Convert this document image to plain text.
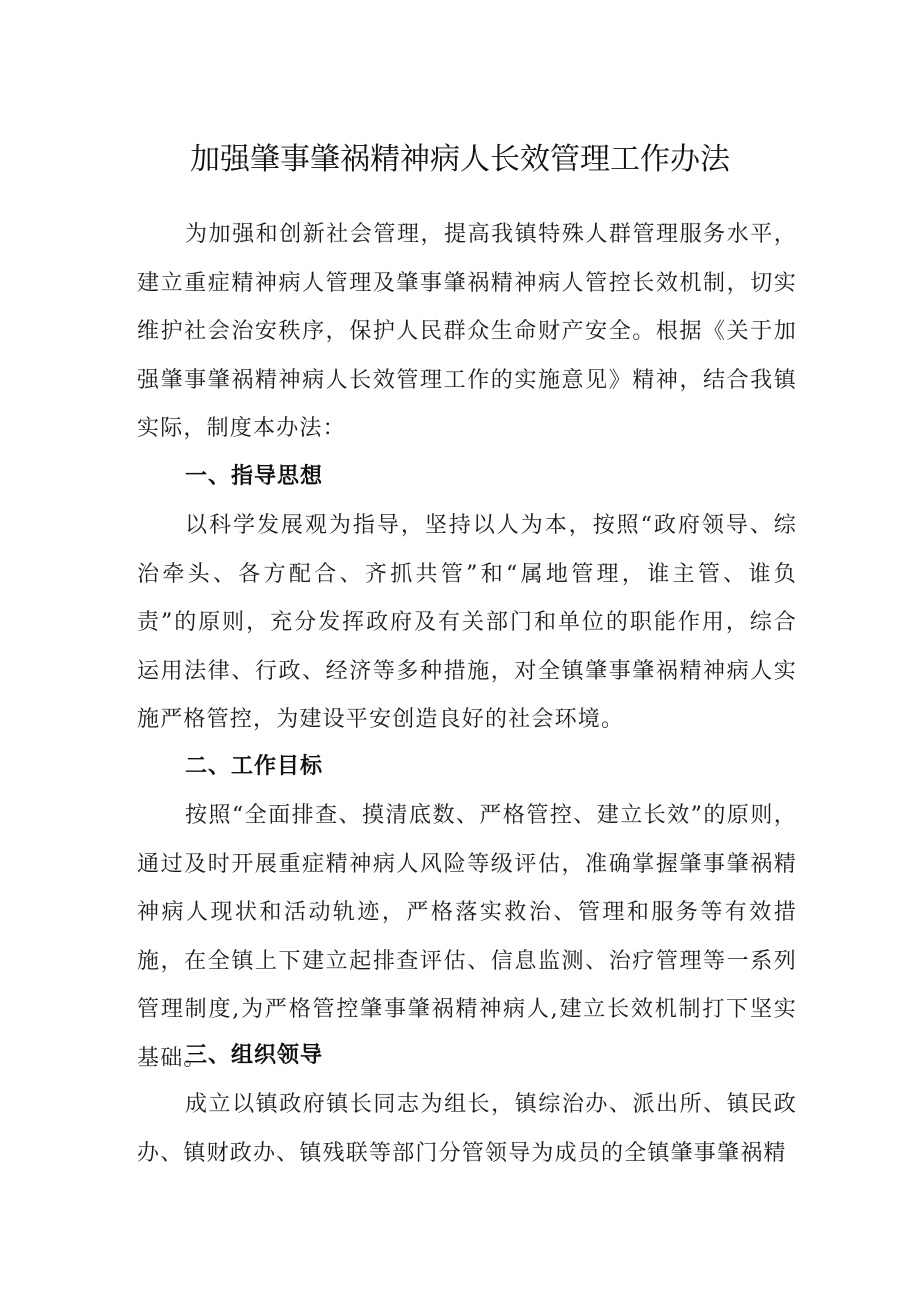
加强肇事肇祸精神病人长效管理工作办法

为加强和创新社会管理，提高我镇特殊人群管理服务水平，建立重症精神病人管理及肇事肇祸精神病人管控长效机制，切实维护社会治安秩序，保护人民群众生命财产安全。根据《关于加强肇事肇祸精神病人长效管理工作的实施意见》精神，结合我镇实际，制度本办法：

一、指导思想

以科学发展观为指导，坚持以人为本，按照“政府领导、综治牵头、各方配合、齐抓共管”和“属地管理，谁主管、谁负责”的原则，充分发挥政府及有关部门和单位的职能作用，综合运用法律、行政、经济等多种措施，对全镇肇事肇祸精神病人实施严格管控，为建设平安创造良好的社会环境。

二、工作目标

按照“全面排查、摸清底数、严格管控、建立长效”的原则，通过及时开展重症精神病人风险等级评估，准确掌握肇事肇祸精神病人现状和活动轨迹，严格落实救治、管理和服务等有效措施，在全镇上下建立起排查评估、信息监测、治疗管理等一系列管理制度,为严格管控肇事肇祸精神病人,建立长效机制打下坚实基础。

三、组织领导

成立以镇政府镇长同志为组长，镇综治办、派出所、镇民政办、镇财政办、镇残联等部门分管领导为成员的全镇肇事肇祸精
